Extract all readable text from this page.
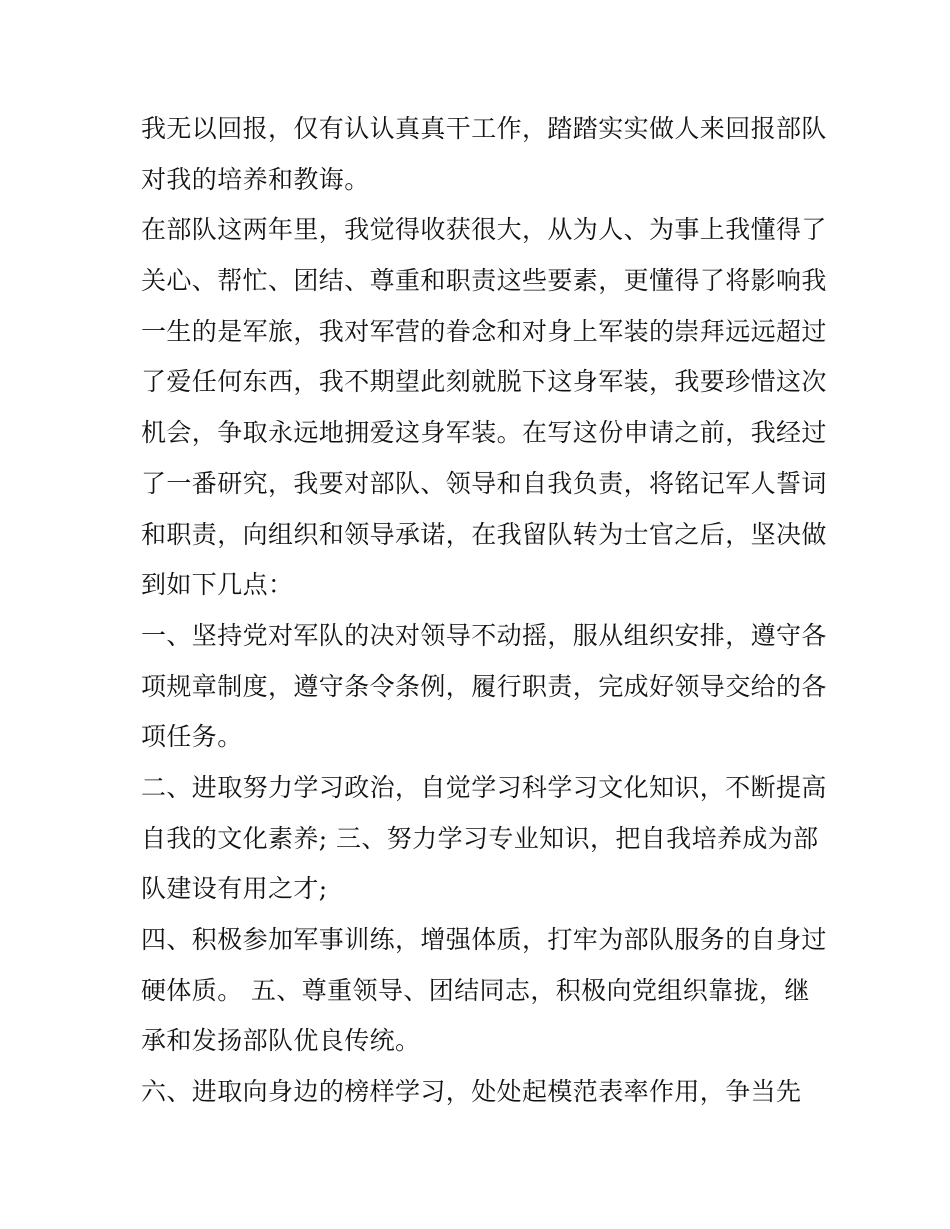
我无以回报，仅有认认真真干工作，踏踏实实做人来回报部队
对我的培养和教诲。

在部队这两年里，我觉得收获很大，从为人、为事上我懂得了
关心、帮忙、团结、尊重和职责这些要素，更懂得了将影响我
一生的是军旅，我对军营的眷念和对身上军装的崇拜远远超过
了爱任何东西，我不期望此刻就脱下这身军装，我要珍惜这次
机会，争取永远地拥爱这身军装。在写这份申请之前，我经过
了一番研究，我要对部队、领导和自我负责，将铭记军人誓词
和职责，向组织和领导承诺，在我留队转为士官之后，坚决做
到如下几点：

一、坚持党对军队的决对领导不动摇，服从组织安排，遵守各
项规章制度，遵守条令条例，履行职责，完成好领导交给的各
项任务。

二、进取努力学习政治，自觉学习科学习文化知识，不断提高
自我的文化素养; 三、努力学习专业知识，把自我培养成为部
队建设有用之才;

四、积极参加军事训练，增强体质，打牢为部队服务的自身过
硬体质。 五、尊重领导、团结同志，积极向党组织靠拢，继
承和发扬部队优良传统。

六、进取向身边的榜样学习，处处起模范表率作用，争当先
